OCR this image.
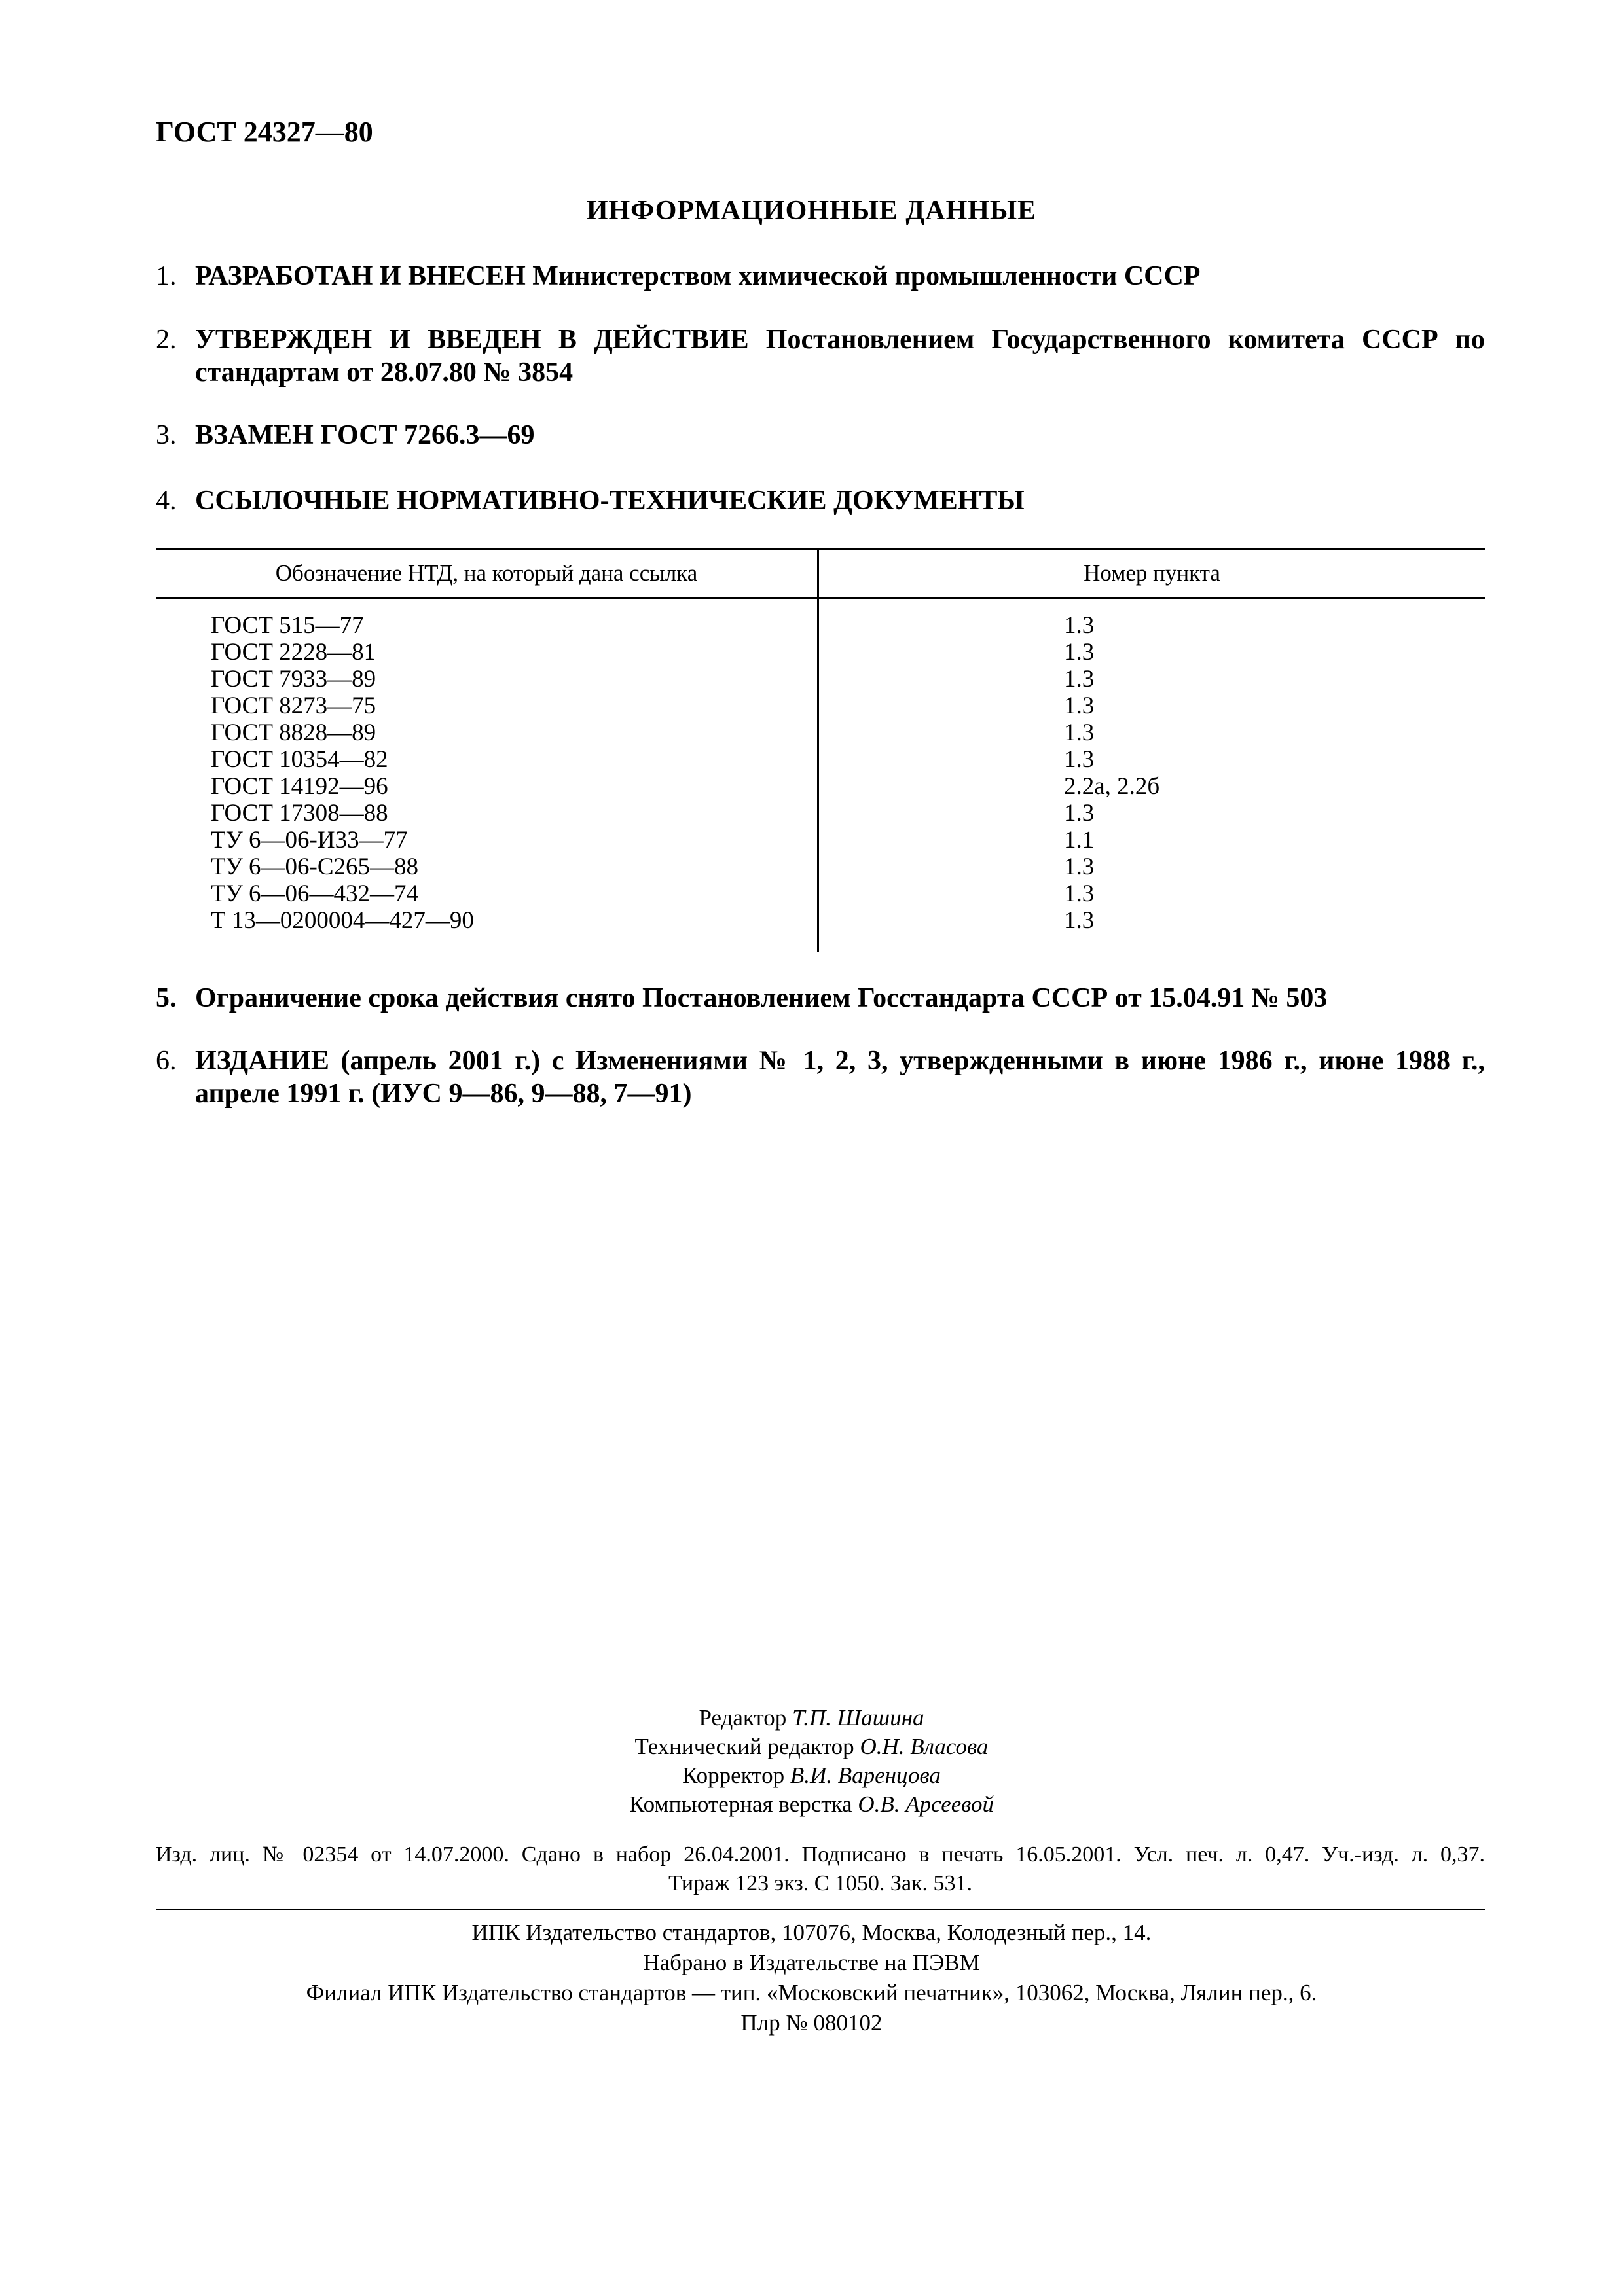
ГОСТ 24327—80
ИНФОРМАЦИОННЫЕ ДАННЫЕ
1. РАЗРАБОТАН И ВНЕСЕН Министерством химической промышленности СССР
2. УТВЕРЖДЕН И ВВЕДЕН В ДЕЙСТВИЕ Постановлением Государственного комитета СССР по стандартам от 28.07.80 № 3854
3. ВЗАМЕН ГОСТ 7266.3—69
4. ССЫЛОЧНЫЕ НОРМАТИВНО-ТЕХНИЧЕСКИЕ ДОКУМЕНТЫ
Обозначение НТД, на который дана ссылка	Номер пункта
ГОСТ 515—77	1.3
ГОСТ 2228—81	1.3
ГОСТ 7933—89	1.3
ГОСТ 8273—75	1.3
ГОСТ 8828—89	1.3
ГОСТ 10354—82	1.3
ГОСТ 14192—96	2.2а, 2.2б
ГОСТ 17308—88	1.3
ТУ 6—06-И33—77	1.1
ТУ 6—06-С265—88	1.3
ТУ 6—06—432—74	1.3
Т 13—0200004—427—90	1.3
5. Ограничение срока действия снято Постановлением Госстандарта СССР от 15.04.91 № 503
6. ИЗДАНИЕ (апрель 2001 г.) с Изменениями № 1, 2, 3, утвержденными в июне 1986 г., июне 1988 г., апреле 1991 г. (ИУС 9—86, 9—88, 7—91)
Редактор Т.П. Шашина
Технический редактор О.Н. Власова
Корректор В.И. Варенцова
Компьютерная верстка О.В. Арсеевой
Изд. лиц. № 02354 от 14.07.2000. Сдано в набор 26.04.2001. Подписано в печать 16.05.2001. Усл. печ. л. 0,47. Уч.-изд. л. 0,37.
Тираж 123 экз. С 1050. Зак. 531.
ИПК Издательство стандартов, 107076, Москва, Колодезный пер., 14.
Набрано в Издательстве на ПЭВМ
Филиал ИПК Издательство стандартов — тип. «Московский печатник», 103062, Москва, Лялин пер., 6.
Плр № 080102
